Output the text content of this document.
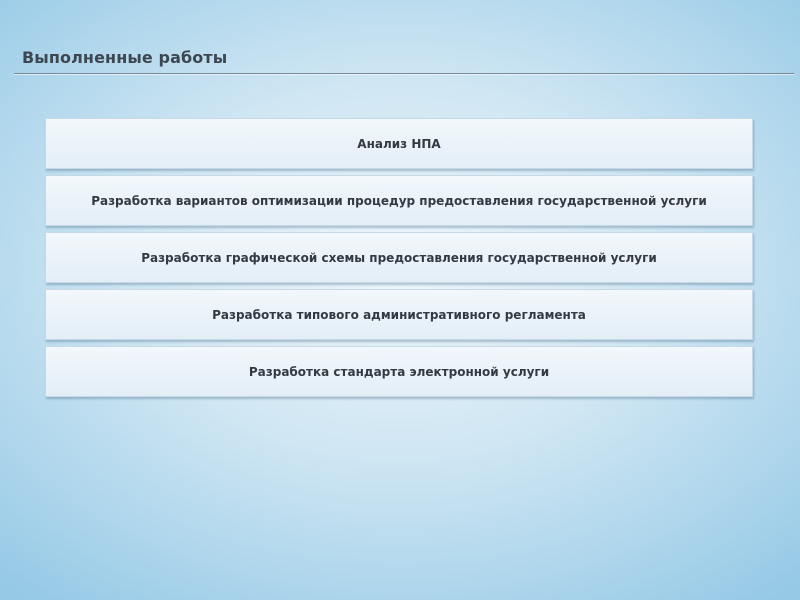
Выполненные работы
Анализ НПА
Разработка вариантов оптимизации процедур предоставления государственной услуги
Разработка графической схемы предоставления государственной услуги
Разработка типового административного регламента
Разработка стандарта электронной услуги
